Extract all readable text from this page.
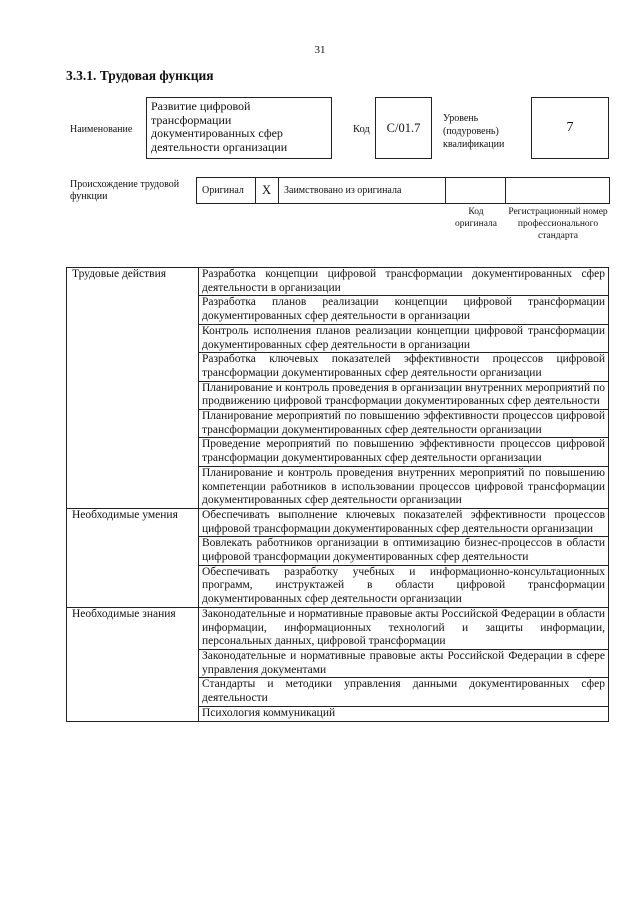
31
3.3.1. Трудовая функция
Наименование
Развитие цифровой трансформации документированных сфер деятельности организации
Код	C/01.7
Уровень (подуровень) квалификации
7
Происхождение трудовой функции
Оригинал	X	Заимствовано из оригинала
Код оригинала
Регистрационный номер профессионального стандарта
Трудовые действия	Разработка концепции цифровой трансформации документированных сфер деятельности в организации
	Разработка планов реализации концепции цифровой трансформации документированных сфер деятельности в организации
	Контроль исполнения планов реализации концепции цифровой трансформации документированных сфер деятельности в организации
	Разработка ключевых показателей эффективности процессов цифровой трансформации документированных сфер деятельности организации
	Планирование и контроль проведения в организации внутренних мероприятий по продвижению цифровой трансформации документированных сфер деятельности
	Планирование мероприятий по повышению эффективности процессов цифровой трансформации документированных сфер деятельности организации
	Проведение мероприятий по повышению эффективности процессов цифровой трансформации документированных сфер деятельности организации
	Планирование и контроль проведения внутренних мероприятий по повышению компетенции работников в использовании процессов цифровой трансформации документированных сфер деятельности организации
Необходимые умения	Обеспечивать выполнение ключевых показателей эффективности процессов цифровой трансформации документированных сфер деятельности организации
	Вовлекать работников организации в оптимизацию бизнес-процессов в области цифровой трансформации документированных сфер деятельности
	Обеспечивать разработку учебных и информационно-консультационных программ, инструктажей в области цифровой трансформации документированных сфер деятельности организации
Необходимые знания	Законодательные и нормативные правовые акты Российской Федерации в области информации, информационных технологий и защиты информации, персональных данных, цифровой трансформации
	Законодательные и нормативные правовые акты Российской Федерации в сфере управления документами
	Стандарты и методики управления данными документированных сфер деятельности
	Психология коммуникаций
